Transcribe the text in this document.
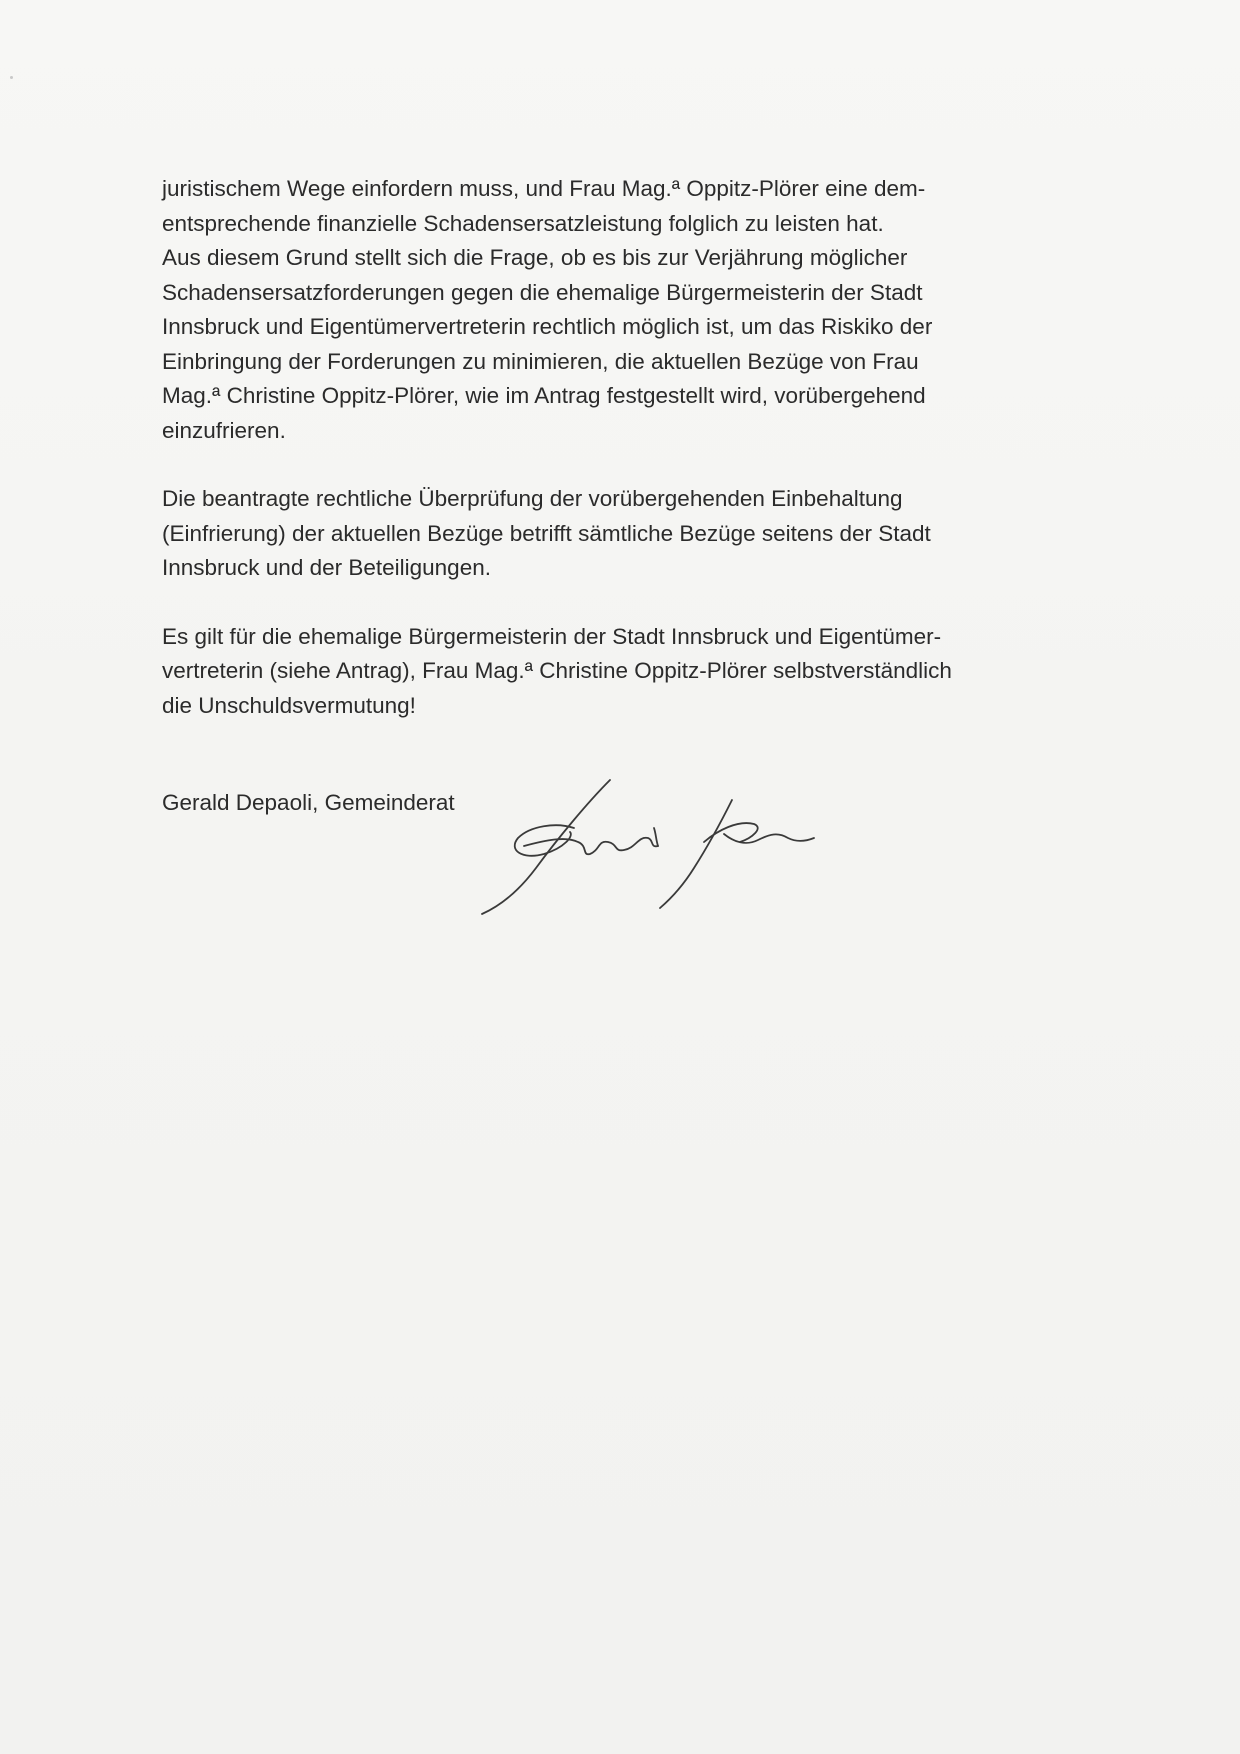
juristischem Wege einfordern muss, und Frau Mag.ª Oppitz-Plörer eine dem-
entsprechende finanzielle Schadensersatzleistung folglich zu leisten hat.
Aus diesem Grund stellt sich die Frage, ob es bis zur Verjährung möglicher
Schadensersatzforderungen gegen die ehemalige Bürgermeisterin der Stadt
Innsbruck und Eigentümervertreterin rechtlich möglich ist, um das Riskiko der
Einbringung der Forderungen zu minimieren, die aktuellen Bezüge von Frau
Mag.ª Christine Oppitz-Plörer, wie im Antrag festgestellt wird, vorübergehend
einzufrieren.

Die beantragte rechtliche Überprüfung der vorübergehenden Einbehaltung
(Einfrierung) der aktuellen Bezüge betrifft sämtliche Bezüge seitens der Stadt
Innsbruck und der Beteiligungen.

Es gilt für die ehemalige Bürgermeisterin der Stadt Innsbruck und Eigentümer-
vertreterin (siehe Antrag), Frau Mag.ª Christine Oppitz-Plörer selbstverständlich
die Unschuldsvermutung!

Gerald Depaoli, Gemeinderat
